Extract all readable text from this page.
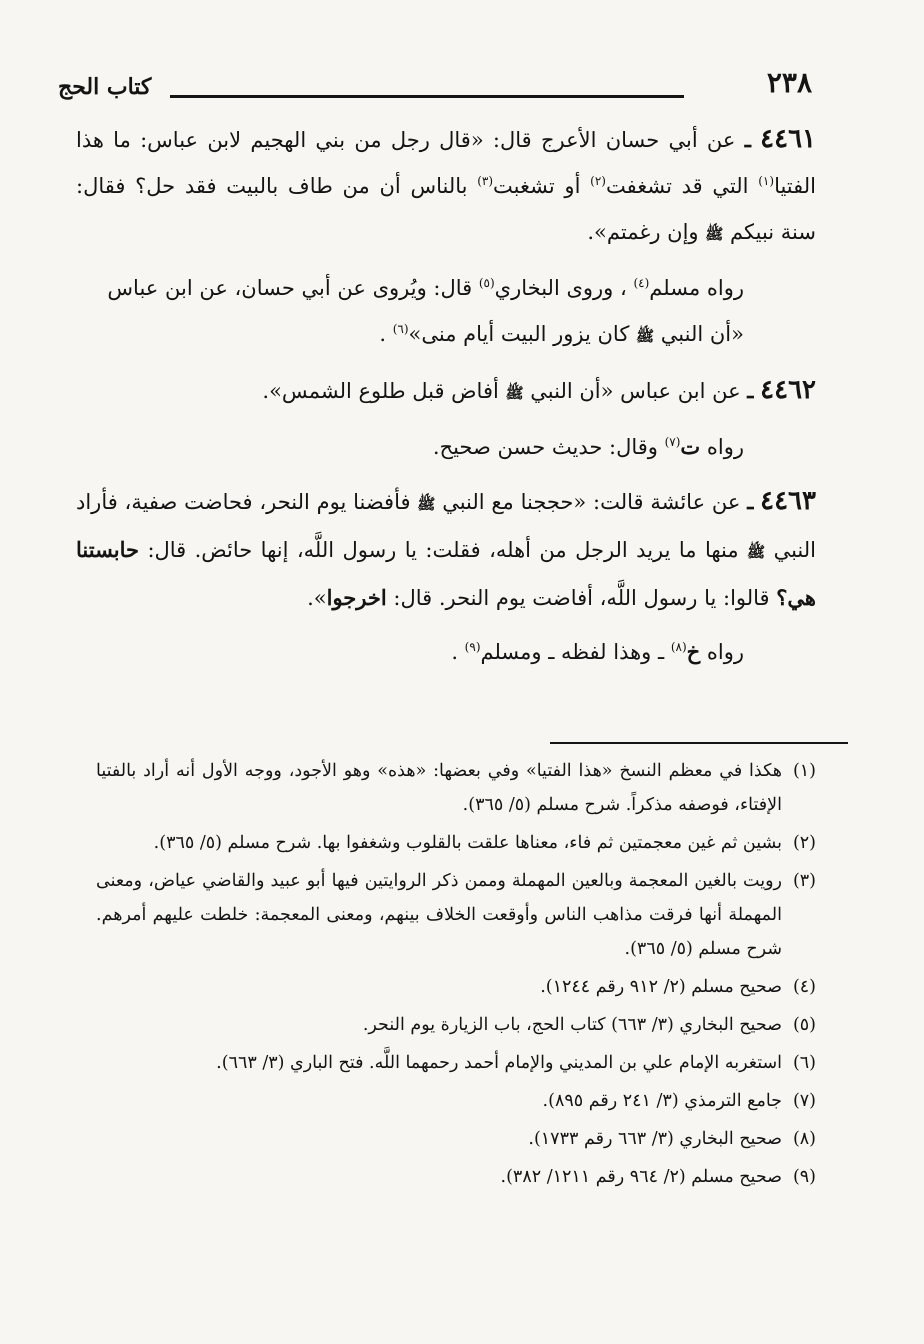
٢٣٨
كتاب الحج

٤٤٦١ ـ عن أبي حسان الأعرج قال: «قال رجل من بني الهجيم لابن عباس: ما هذا الفتيا$^{(١)}$ التي قد تشغفت$^{(٢)}$ أو تشغبت$^{(٣)}$ بالناس أن من طاف بالبيت فقد حل؟ فقال: سنة نبيكم ﷺ وإن رغمتم».

رواه مسلم$^{(٤)}$ ، وروى البخاري$^{(٥)}$ قال: ويُروى عن أبي حسان، عن ابن عباس «أن النبي ﷺ كان يزور البيت أيام منى»$^{(٦)}$ .

٤٤٦٢ ـ عن ابن عباس «أن النبي ﷺ أفاض قبل طلوع الشمس».

رواه ت$^{(٧)}$ وقال: حديث حسن صحيح.

٤٤٦٣ ـ عن عائشة قالت: «حججنا مع النبي ﷺ فأفضنا يوم النحر، فحاضت صفية، فأراد النبي ﷺ منها ما يريد الرجل من أهله، فقلت: يا رسول اللَّه، إنها حائض. قال: حابستنا هي؟ قالوا: يا رسول اللَّه، أفاضت يوم النحر. قال: اخرجوا».

رواه خ$^{(٨)}$ ـ وهذا لفظه ـ ومسلم$^{(٩)}$ .

(١)
هكذا في معظم النسخ «هذا الفتيا» وفي بعضها: «هذه» وهو الأجود، ووجه الأول أنه أراد بالفتيا الإفتاء، فوصفه مذكراً. شرح مسلم (٥/ ٣٦٥).

(٢)
بشين ثم غين معجمتين ثم فاء، معناها علقت بالقلوب وشغفوا بها. شرح مسلم (٥/ ٣٦٥).

(٣)
رويت بالغين المعجمة وبالعين المهملة وممن ذكر الروايتين فيها أبو عبيد والقاضي عياض، ومعنى المهملة أنها فرقت مذاهب الناس وأوقعت الخلاف بينهم، ومعنى المعجمة: خلطت عليهم أمرهم. شرح مسلم (٥/ ٣٦٥).

(٤)
صحيح مسلم (٢/ ٩١٢ رقم ١٢٤٤).

(٥)
صحيح البخاري (٣/ ٦٦٣) كتاب الحج، باب الزيارة يوم النحر.

(٦)
استغربه الإمام علي بن المديني والإمام أحمد رحمهما اللَّه. فتح الباري (٣/ ٦٦٣).

(٧)
جامع الترمذي (٣/ ٢٤١ رقم ٨٩٥).

(٨)
صحيح البخاري (٣/ ٦٦٣ رقم ١٧٣٣).

(٩)
صحيح مسلم (٢/ ٩٦٤ رقم ١٢١١/ ٣٨٢).
